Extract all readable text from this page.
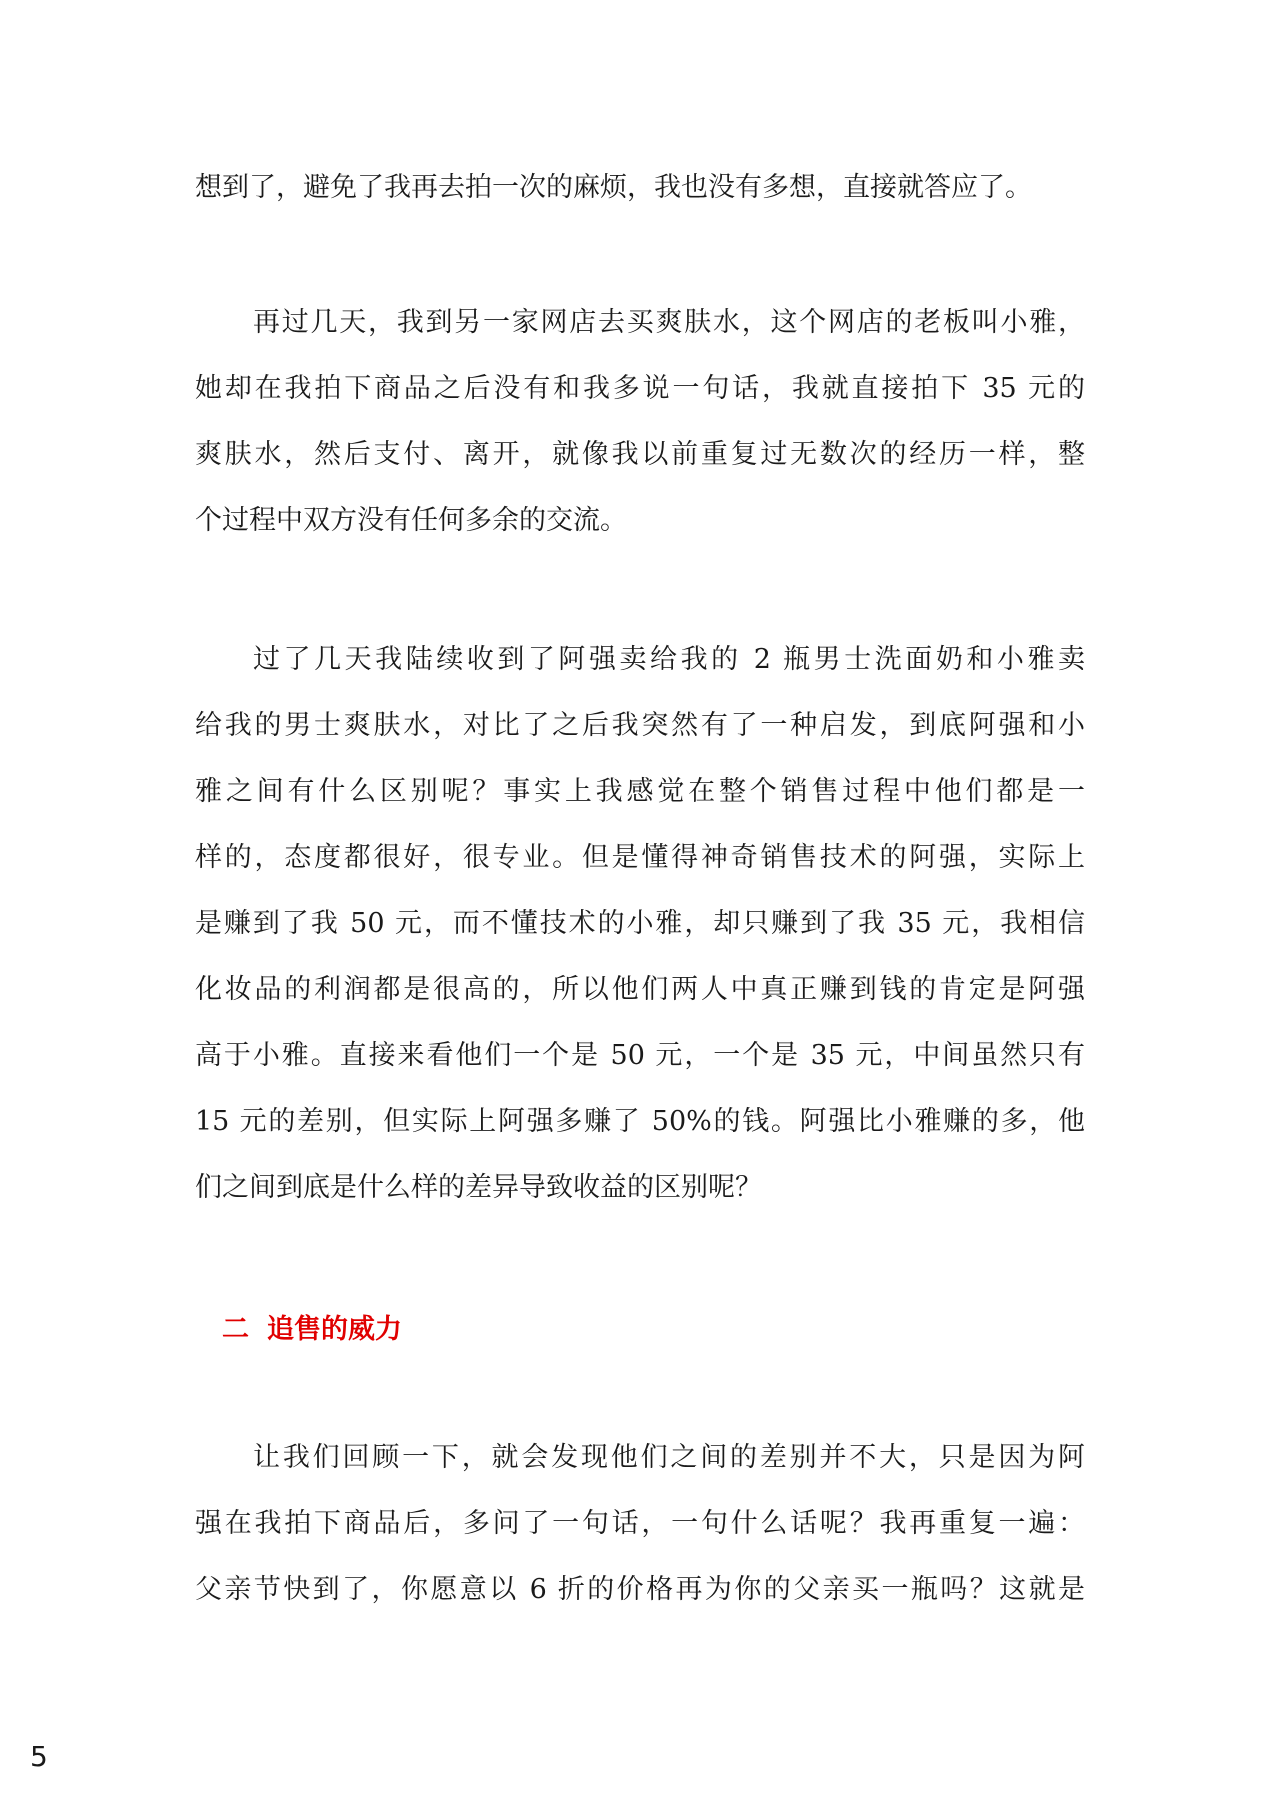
想到了，避免了我再去拍一次的麻烦，我也没有多想，直接就答应了。
再过几天，我到另一家网店去买爽肤水，这个网店的老板叫小雅，
她却在我拍下商品之后没有和我多说一句话，我就直接拍下 35 元的
爽肤水，然后支付、离开，就像我以前重复过无数次的经历一样，整
个过程中双方没有任何多余的交流。
过了几天我陆续收到了阿强卖给我的 2 瓶男士洗面奶和小雅卖
给我的男士爽肤水，对比了之后我突然有了一种启发，到底阿强和小
雅之间有什么区别呢？事实上我感觉在整个销售过程中他们都是一
样的，态度都很好，很专业。但是懂得神奇销售技术的阿强，实际上
是赚到了我 50 元，而不懂技术的小雅，却只赚到了我 35 元，我相信
化妆品的利润都是很高的，所以他们两人中真正赚到钱的肯定是阿强
高于小雅。直接来看他们一个是 50 元，一个是 35 元，中间虽然只有
15 元的差别，但实际上阿强多赚了 50%的钱。阿强比小雅赚的多，他
们之间到底是什么样的差异导致收益的区别呢？
二 追售的威力
让我们回顾一下，就会发现他们之间的差别并不大，只是因为阿
强在我拍下商品后，多问了一句话，一句什么话呢？我再重复一遍：
父亲节快到了，你愿意以 6 折的价格再为你的父亲买一瓶吗？这就是
5
